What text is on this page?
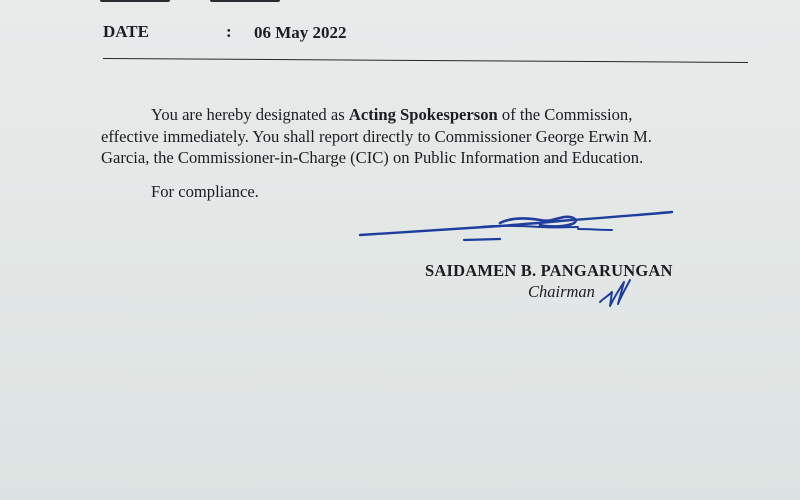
DATE	: 06 May 2022

You are hereby designated as Acting Spokesperson of the Commission,
effective immediately. You shall report directly to Commissioner George Erwin M.
Garcia, the Commissioner-in-Charge (CIC) on Public Information and Education.

For compliance.
SAIDAMEN B. PANGARUNGAN
Chairman
